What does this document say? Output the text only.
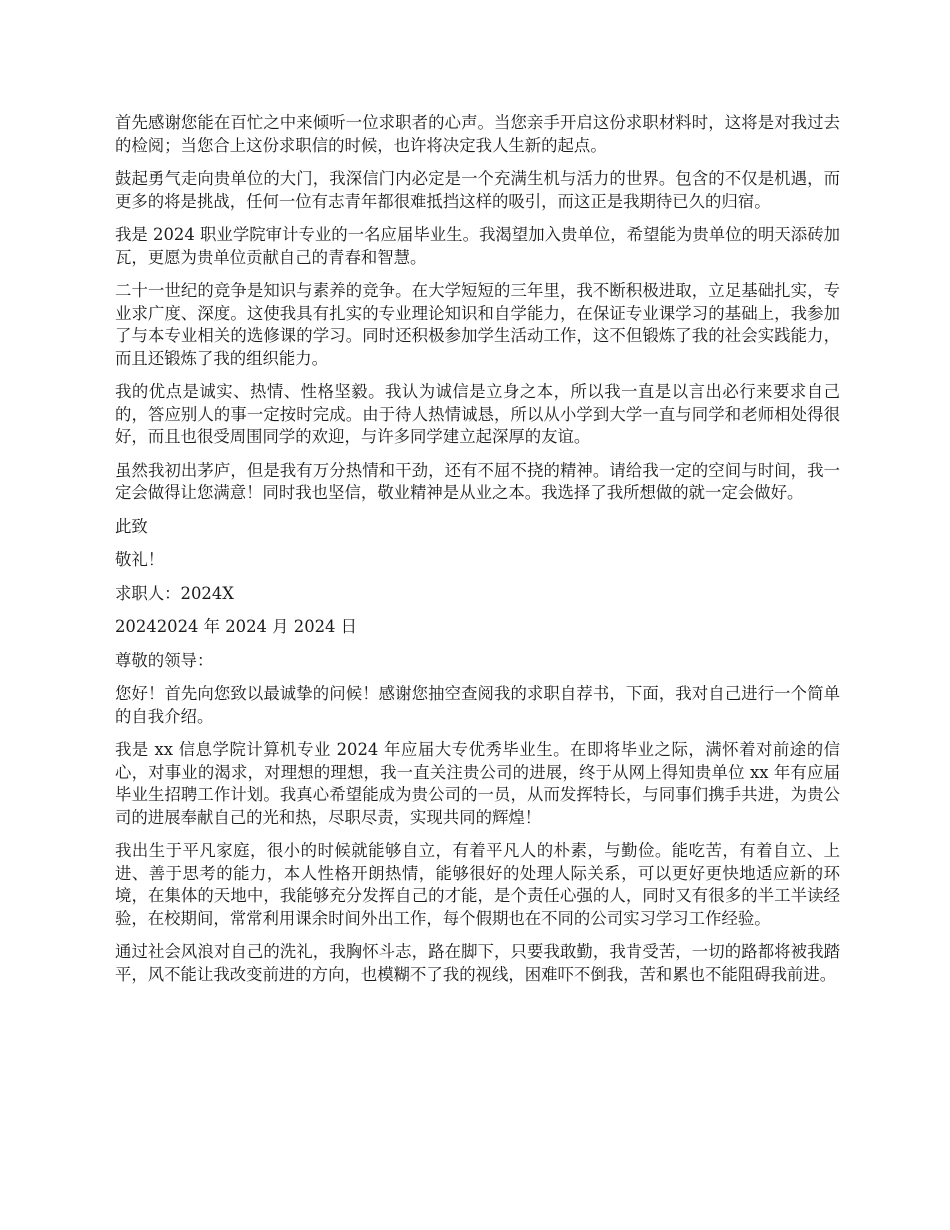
首先感谢您能在百忙之中来倾听一位求职者的心声。当您亲手开启这份求职材料时，这将是对我过去的检阅；当您合上这份求职信的时候，也许将决定我人生新的起点。

鼓起勇气走向贵单位的大门，我深信门内必定是一个充满生机与活力的世界。包含的不仅是机遇，而更多的将是挑战，任何一位有志青年都很难抵挡这样的吸引，而这正是我期待已久的归宿。

我是 2024 职业学院审计专业的一名应届毕业生。我渴望加入贵单位，希望能为贵单位的明天添砖加瓦，更愿为贵单位贡献自己的青春和智慧。

二十一世纪的竞争是知识与素养的竞争。在大学短短的三年里，我不断积极进取，立足基础扎实，专业求广度、深度。这使我具有扎实的专业理论知识和自学能力，在保证专业课学习的基础上，我参加了与本专业相关的选修课的学习。同时还积极参加学生活动工作，这不但锻炼了我的社会实践能力，而且还锻炼了我的组织能力。

我的优点是诚实、热情、性格坚毅。我认为诚信是立身之本，所以我一直是以言出必行来要求自己的，答应别人的事一定按时完成。由于待人热情诚恳，所以从小学到大学一直与同学和老师相处得很好，而且也很受周围同学的欢迎，与许多同学建立起深厚的友谊。

虽然我初出茅庐，但是我有万分热情和干劲，还有不屈不挠的精神。请给我一定的空间与时间，我一定会做得让您满意！同时我也坚信，敬业精神是从业之本。我选择了我所想做的就一定会做好。

此致

敬礼！

求职人：2024X

20242024 年 2024 月 2024 日

尊敬的领导：

您好！首先向您致以最诚挚的问候！感谢您抽空查阅我的求职自荐书，下面，我对自己进行一个简单的自我介绍。

我是 xx 信息学院计算机专业 2024 年应届大专优秀毕业生。在即将毕业之际，满怀着对前途的信心，对事业的渴求，对理想的理想，我一直关注贵公司的进展，终于从网上得知贵单位 xx 年有应届毕业生招聘工作计划。我真心希望能成为贵公司的一员，从而发挥特长，与同事们携手共进，为贵公司的进展奉献自己的光和热，尽职尽责，实现共同的辉煌！

我出生于平凡家庭，很小的时候就能够自立，有着平凡人的朴素，与勤俭。能吃苦，有着自立、上进、善于思考的能力，本人性格开朗热情，能够很好的处理人际关系，可以更好更快地适应新的环境，在集体的天地中，我能够充分发挥自己的才能，是个责任心强的人，同时又有很多的半工半读经验，在校期间，常常利用课余时间外出工作，每个假期也在不同的公司实习学习工作经验。

通过社会风浪对自己的洗礼，我胸怀斗志，路在脚下，只要我敢勤，我肯受苦，一切的路都将被我踏平，风不能让我改变前进的方向，也模糊不了我的视线，困难吓不倒我，苦和累也不能阻碍我前进。
